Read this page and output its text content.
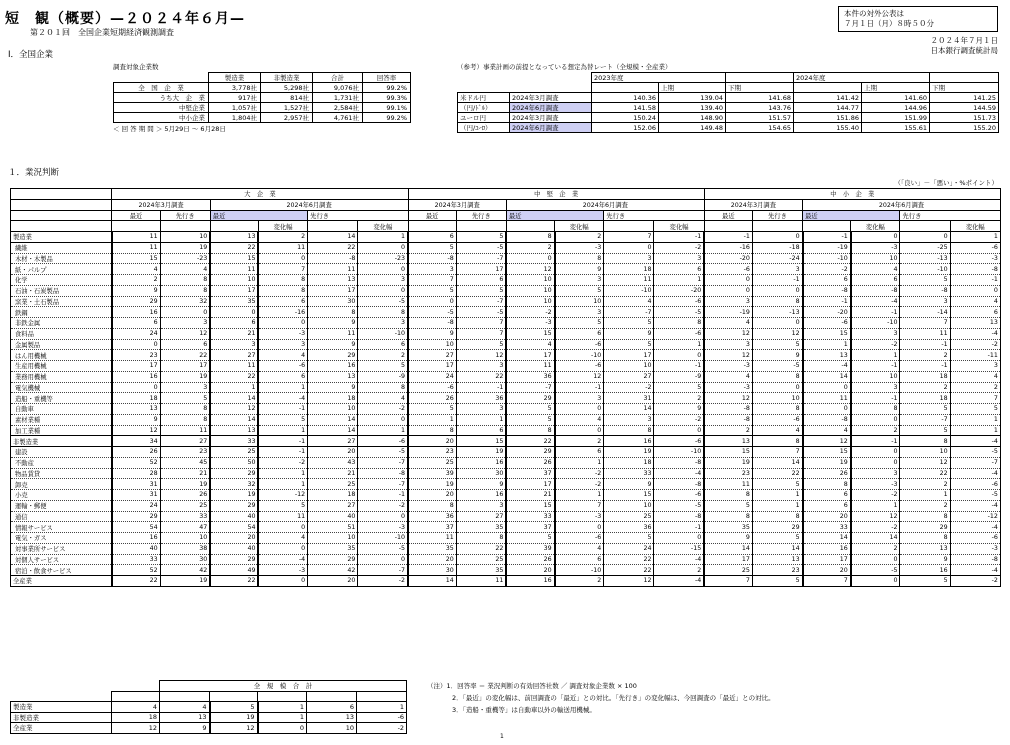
短　観（概要）—２０２４年６月—
第２０１回　全国企業短期経済観測調査
本件の対外公表は
７月１日（月）８時５０分
２０２４年７月１日
日本銀行調査統計局
Ⅰ．全国企業
調査対象企業数
	製造業	非製造業	合計	回答率
全　国　企　業	3,778社	5,298社	9,076社	99.2%
うち大　企　業	917社	814社	1,731社	99.3%
中堅企業	1,057社	1,527社	2,584社	99.1%
中小企業	1,804社	2,957社	4,761社	99.2%
＜ 回 答 期 間 ＞ 5月29日 ～ 6月28日
（参考）事業計画の前提となっている想定為替レート（全規模・全産業）
		2023年度			2024年度		
			上期	下期		上期	下期
米ドル円	2024年3月調査	140.36	139.04	141.68	141.42	141.60	141.25
（円/ﾄﾞﾙ）	2024年6月調査	141.58	139.40	143.76	144.77	144.96	144.59
ユーロ円	2024年3月調査	150.24	148.90	151.57	151.86	151.99	151.73
（円/ﾕｰﾛ）	2024年6月調査	152.06	149.48	154.65	155.40	155.61	155.20
１．業況判断
（「良い」－「悪い」・%ポイント）
	大　企　業						中　堅　企　業						中　小　企　業					
	2024年3月調査		2024年6月調査				2024年3月調査		2024年6月調査				2024年3月調査		2024年6月調査			
	最近	先行き	最近		先行き		最近	先行き	最近		先行き		最近	先行き	最近		先行き	
				変化幅		変化幅				変化幅		変化幅				変化幅		変化幅
製造業	11	10	13	2	14	1	6	5	8	2	7	-1	-1	0	-1	0	0	1
繊維	11	19	22	11	22	0	5	-5	2	-3	0	-2	-16	-18	-19	-3	-25	-6
木材・木製品	15	-23	15	0	-8	-23	-8	-7	0	8	3	3	-20	-24	-10	10	-13	-3
紙・パルプ	4	4	11	7	11	0	3	17	12	9	18	6	-6	3	-2	4	-10	-8
化学	2	8	10	8	13	3	7	6	10	3	11	1	0	-1	6	6	5	-1
石油・石炭製品	9	8	17	8	17	0	5	5	10	5	-10	-20	0	0	-8	-8	-8	0
窯業・土石製品	29	32	35	6	30	-5	0	-7	10	10	4	-6	3	8	-1	-4	3	4
鉄鋼	16	0	0	-16	8	8	-5	-5	-2	3	-7	-5	-19	-13	-20	-1	-14	6
非鉄金属	6	3	6	0	9	3	-8	7	-3	5	5	8	4	0	-6	-10	7	13
食料品	24	12	21	-3	11	-10	9	7	15	6	9	-6	12	12	15	3	11	-4
金属製品	0	6	3	3	9	6	10	5	4	-6	5	1	3	5	1	-2	-1	-2
はん用機械	23	22	27	4	29	2	27	12	17	-10	17	0	12	9	13	1	2	-11
生産用機械	17	17	11	-6	16	5	17	3	11	-6	10	-1	-3	-5	-4	-1	-1	3
業務用機械	16	19	22	6	13	-9	24	22	36	12	27	-9	4	8	14	10	18	4
電気機械	0	3	1	1	9	8	-6	-1	-7	-1	-2	5	-3	0	0	3	2	2
造船・重機等	18	5	14	-4	18	4	26	36	29	3	31	2	12	10	11	-1	18	7
自動車	13	8	12	-1	10	-2	5	3	5	0	14	9	-8	8	0	8	5	5
素材業種	9	8	14	5	14	0	1	1	5	4	3	-2	-8	-6	-8	0	-7	1
加工業種	12	11	13	1	14	1	8	6	8	0	8	0	2	4	4	2	5	1
非製造業	34	27	33	-1	27	-6	20	15	22	2	16	-6	13	8	12	-1	8	-4
建設	26	23	25	-1	20	-5	23	19	29	6	19	-10	15	7	15	0	10	-5
不動産	52	45	50	-2	43	-7	25	16	26	1	18	-8	19	14	19	0	12	-7
物品賃貸	28	21	29	1	21	-8	39	30	37	-2	33	-4	23	22	26	3	22	-4
卸売	31	19	32	1	25	-7	19	9	17	-2	9	-8	11	5	8	-3	2	-6
小売	31	26	19	-12	18	-1	20	16	21	1	15	-6	8	1	6	-2	1	-5
運輸・郵便	24	25	29	5	27	-2	8	3	15	7	10	-5	5	1	6	1	2	-4
通信	29	33	40	11	40	0	36	27	33	-3	25	-8	8	8	20	12	8	-12
情報サービス	54	47	54	0	51	-3	37	35	37	0	36	-1	35	29	33	-2	29	-4
電気・ガス	16	10	20	4	10	-10	11	8	5	-6	5	0	9	5	14	14	8	-6
対事業所サービス	40	38	40	0	35	-5	35	22	39	4	24	-15	14	14	16	2	13	-3
対個人サービス	33	30	29	-4	29	0	20	25	26	6	22	-4	17	13	17	0	9	-8
宿泊・飲食サービス	52	42	49	-3	42	-7	30	35	20	-10	22	2	25	23	20	-5	16	-4
全産業	22	19	22	0	20	-2	14	11	16	2	12	-4	7	5	7	0	5	-2
		全　規　模　合　計				

製造業	4	4	5	1	6	1
非製造業	18	13	19	1	13	-6
全産業	12	9	12	0	10	-2
（注）1．回答率 ＝ 業況判断の有効回答社数 ／ 調査対象企業数 × 100
2．「最近」の変化幅は、前回調査の「最近」との対比。「先行き」の変化幅は、今回調査の「最近」との対比。
3．「造船・重機等」は自動車以外の輸送用機械。
1
